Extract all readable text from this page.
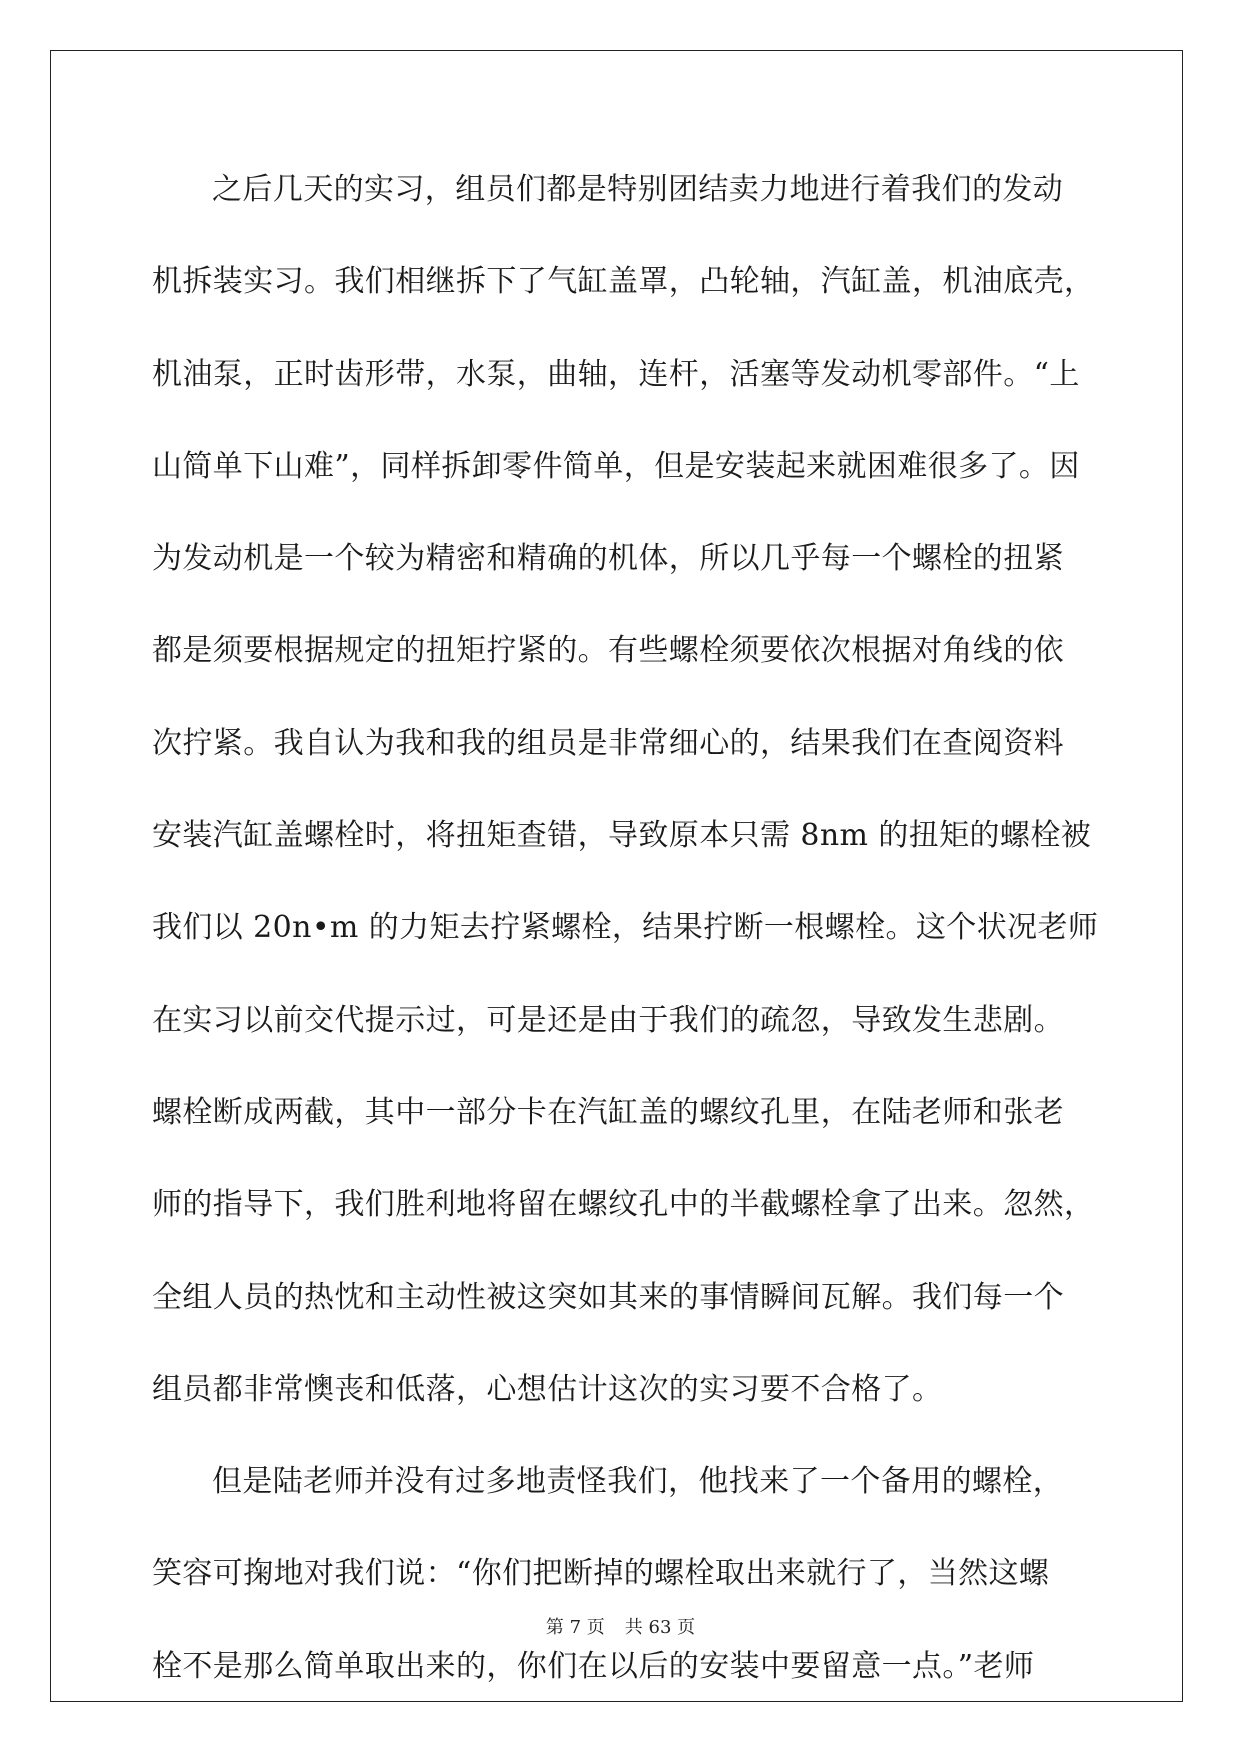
之后几天的实习，组员们都是特别团结卖力地进行着我们的发动
机拆装实习。我们相继拆下了气缸盖罩，凸轮轴，汽缸盖，机油底壳，
机油泵，正时齿形带，水泵，曲轴，连杆，活塞等发动机零部件。“上
山简单下山难”，同样拆卸零件简单，但是安装起来就困难很多了。因
为发动机是一个较为精密和精确的机体，所以几乎每一个螺栓的扭紧
都是须要根据规定的扭矩拧紧的。有些螺栓须要依次根据对角线的依
次拧紧。我自认为我和我的组员是非常细心的，结果我们在查阅资料
安装汽缸盖螺栓时，将扭矩查错，导致原本只需 8nm 的扭矩的螺栓被
我们以 20n•m 的力矩去拧紧螺栓，结果拧断一根螺栓。这个状况老师
在实习以前交代提示过，可是还是由于我们的疏忽，导致发生悲剧。
螺栓断成两截，其中一部分卡在汽缸盖的螺纹孔里，在陆老师和张老
师的指导下，我们胜利地将留在螺纹孔中的半截螺栓拿了出来。忽然，
全组人员的热忱和主动性被这突如其来的事情瞬间瓦解。我们每一个
组员都非常懊丧和低落，心想估计这次的实习要不合格了。
但是陆老师并没有过多地责怪我们，他找来了一个备用的螺栓，
笑容可掬地对我们说：“你们把断掉的螺栓取出来就行了，当然这螺
栓不是那么简单取出来的，你们在以后的安装中要留意一点。”老师
第 7 页 共 63 页
